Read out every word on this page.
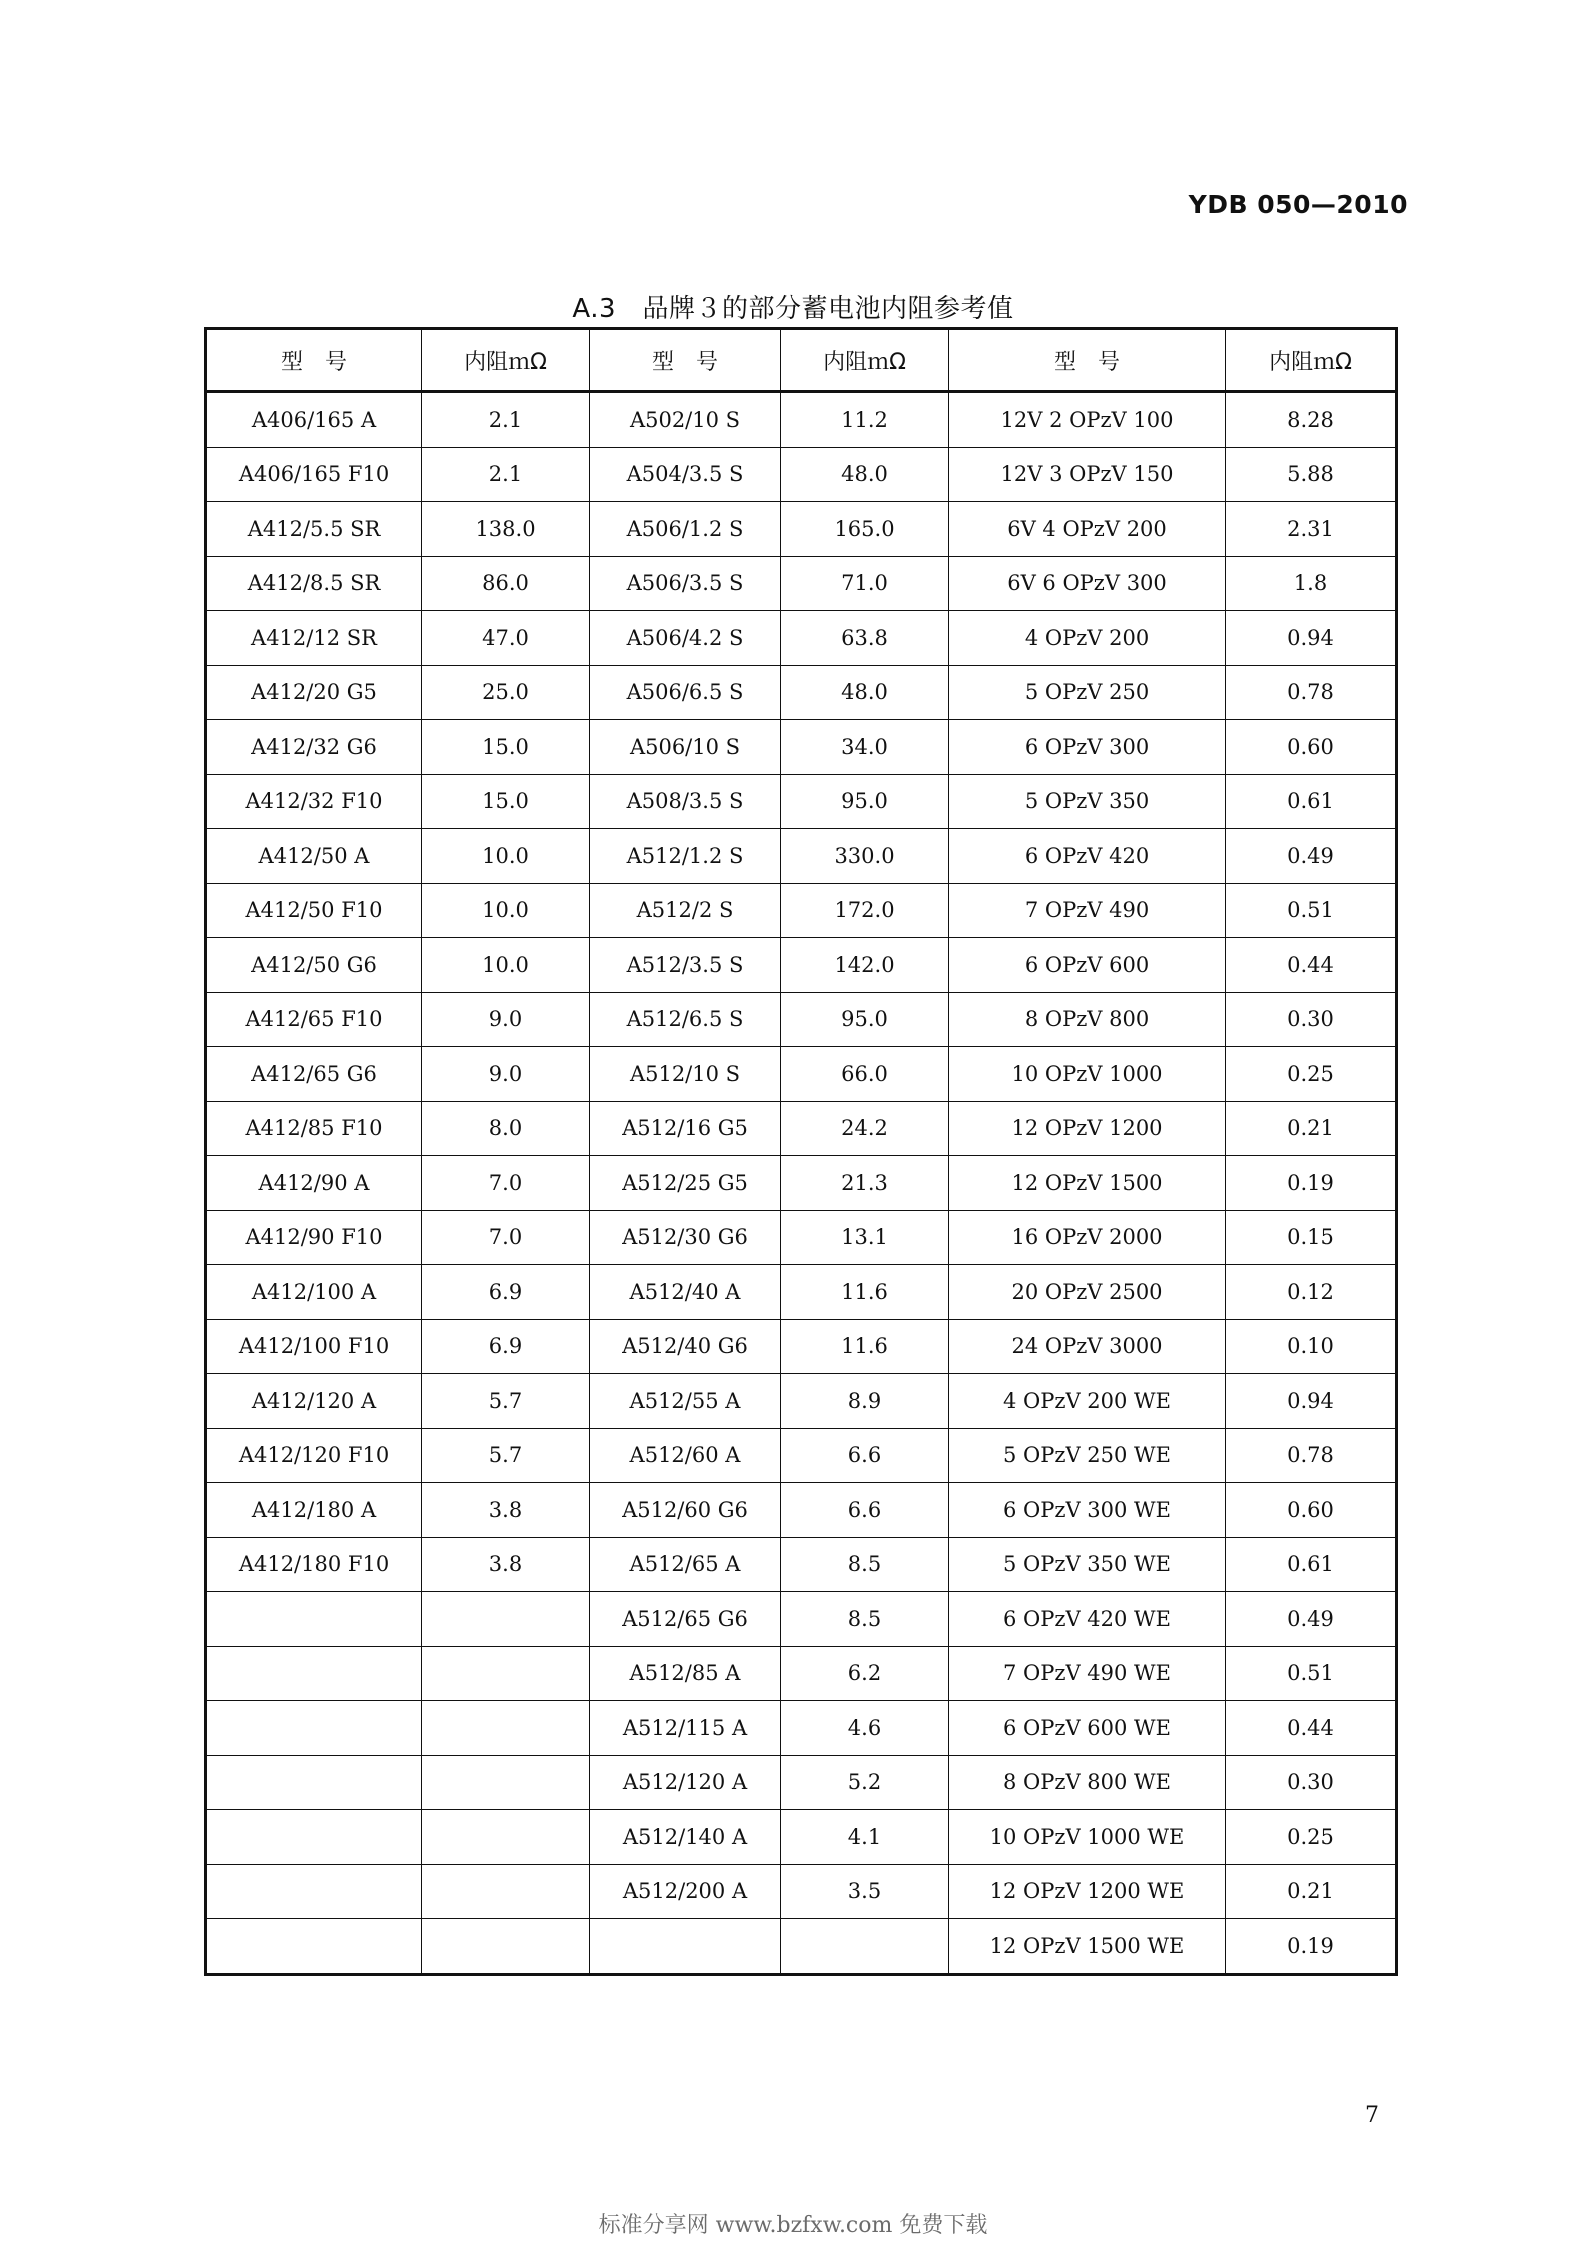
YDB 050—2010
A.3　品牌３的部分蓄电池内阻参考值
型　号	内阻ｍΩ	型　号	内阻ｍΩ	型　号	内阻ｍΩ
A406/165 A	2.1	A502/10 S	11.2	12V 2 OPzV 100	8.28
A406/165 F10	2.1	A504/3.5 S	48.0	12V 3 OPzV 150	5.88
A412/5.5 SR	138.0	A506/1.2 S	165.0	6V 4 OPzV 200	2.31
A412/8.5 SR	86.0	A506/3.5 S	71.0	6V 6 OPzV 300	1.8
A412/12 SR	47.0	A506/4.2 S	63.8	4 OPzV 200	0.94
A412/20 G5	25.0	A506/6.5 S	48.0	5 OPzV 250	0.78
A412/32 G6	15.0	A506/10 S	34.0	6 OPzV 300	0.60
A412/32 F10	15.0	A508/3.5 S	95.0	5 OPzV 350	0.61
A412/50 A	10.0	A512/1.2 S	330.0	6 OPzV 420	0.49
A412/50 F10	10.0	A512/2 S	172.0	7 OPzV 490	0.51
A412/50 G6	10.0	A512/3.5 S	142.0	6 OPzV 600	0.44
A412/65 F10	9.0	A512/6.5 S	95.0	8 OPzV 800	0.30
A412/65 G6	9.0	A512/10 S	66.0	10 OPzV 1000	0.25
A412/85 F10	8.0	A512/16 G5	24.2	12 OPzV 1200	0.21
A412/90 A	7.0	A512/25 G5	21.3	12 OPzV 1500	0.19
A412/90 F10	7.0	A512/30 G6	13.1	16 OPzV 2000	0.15
A412/100 A	6.9	A512/40 A	11.6	20 OPzV 2500	0.12
A412/100 F10	6.9	A512/40 G6	11.6	24 OPzV 3000	0.10
A412/120 A	5.7	A512/55 A	8.9	4 OPzV 200 WE	0.94
A412/120 F10	5.7	A512/60 A	6.6	5 OPzV 250 WE	0.78
A412/180 A	3.8	A512/60 G6	6.6	6 OPzV 300 WE	0.60
A412/180 F10	3.8	A512/65 A	8.5	5 OPzV 350 WE	0.61
		A512/65 G6	8.5	6 OPzV 420 WE	0.49
		A512/85 A	6.2	7 OPzV 490 WE	0.51
		A512/115 A	4.6	6 OPzV 600 WE	0.44
		A512/120 A	5.2	8 OPzV 800 WE	0.30
		A512/140 A	4.1	10 OPzV 1000 WE	0.25
		A512/200 A	3.5	12 OPzV 1200 WE	0.21
				12 OPzV 1500 WE	0.19
7
标准分享网 www.bzfxw.com 免费下载
